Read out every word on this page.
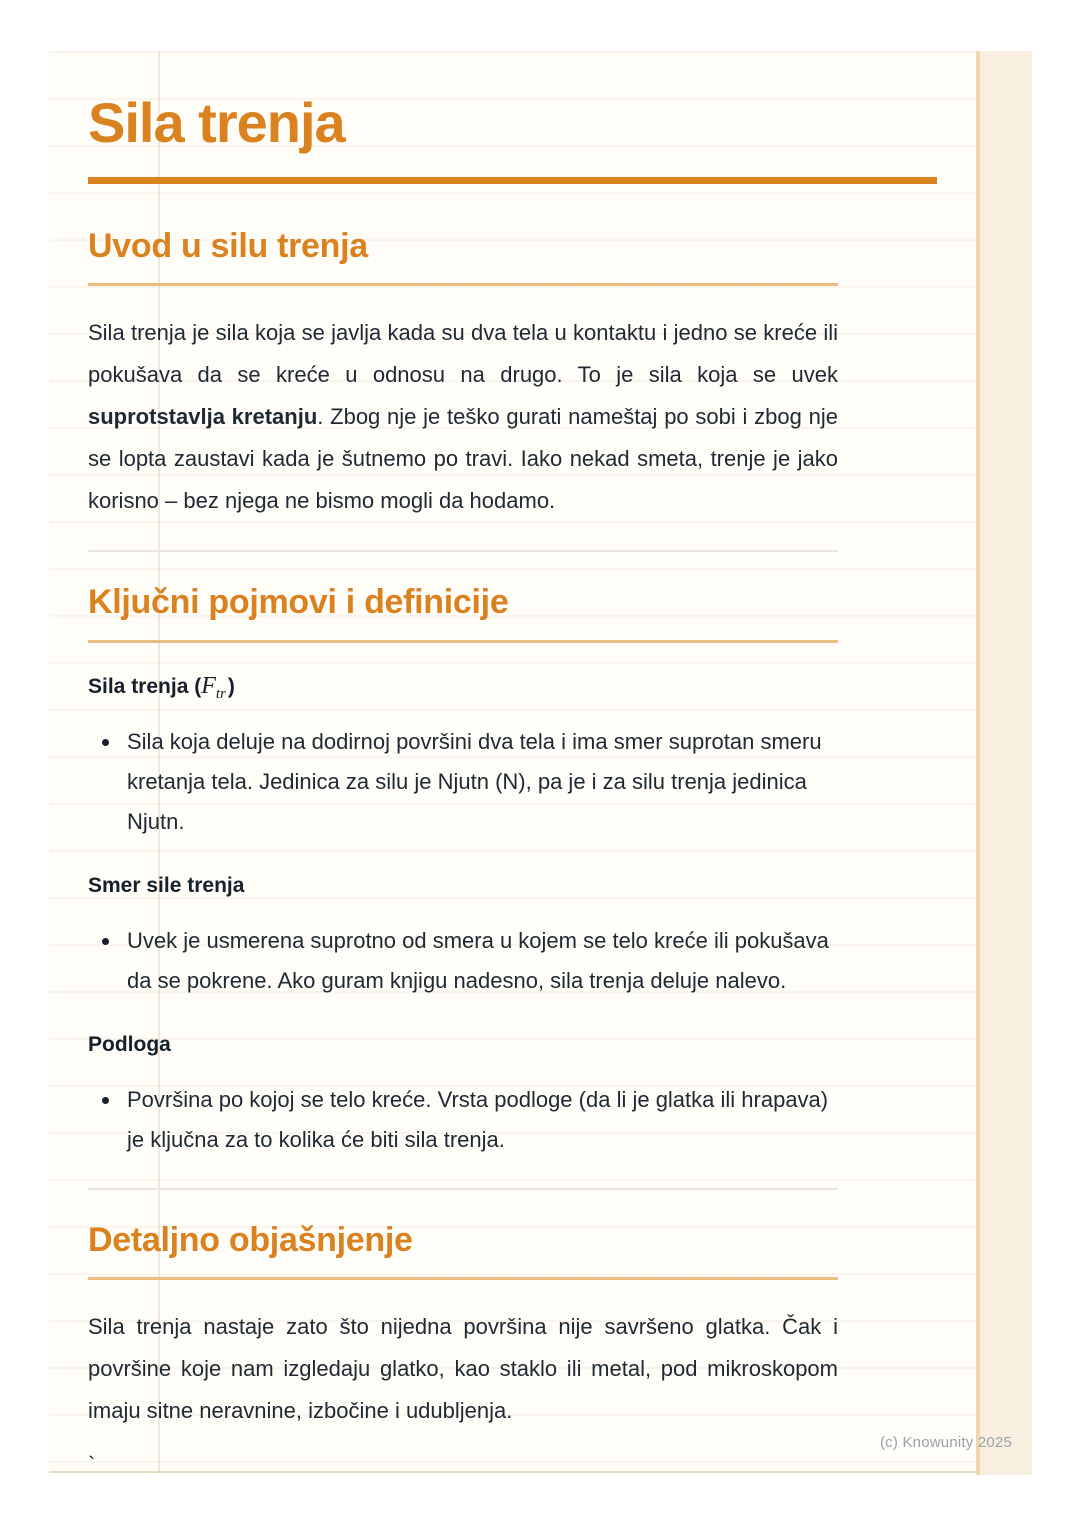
Sila trenja
Uvod u silu trenja

Sila trenja je sila koja se javlja kada su dva tela u kontaktu i jedno se kreće ili pokušava da se kreće u odnosu na drugo. To je sila koja se uvek suprotstavlja kretanju. Zbog nje je teško gurati nameštaj po sobi i zbog nje se lopta zaustavi kada je šutnemo po travi. Iako nekad smeta, trenje je jako korisno – bez njega ne bismo mogli da hodamo.

Ključni pojmovi i definicije
Sila trenja $(F_{tr})$
Sila koja deluje na dodirnoj površini dva tela i ima smer suprotan smeru kretanja tela. Jedinica za silu je Njutn (N), pa je i za silu trenja jedinica Njutn.
Smer sile trenja
Uvek je usmerena suprotno od smera u kojem se telo kreće ili pokušava da se pokrene. Ako guram knjigu nadesno, sila trenja deluje nalevo.
Podloga
Površina po kojoj se telo kreće. Vrsta podloge (da li je glatka ili hrapava) je ključna za to kolika će biti sila trenja.
Detaljno objašnjenje

Sila trenja nastaje zato što nijedna površina nije savršeno glatka. Čak i površine koje nam izgledaju glatko, kao staklo ili metal, pod mikroskopom imaju sitne neravnine, izbočine i udubljenja.

`

(c) Knowunity 2025
